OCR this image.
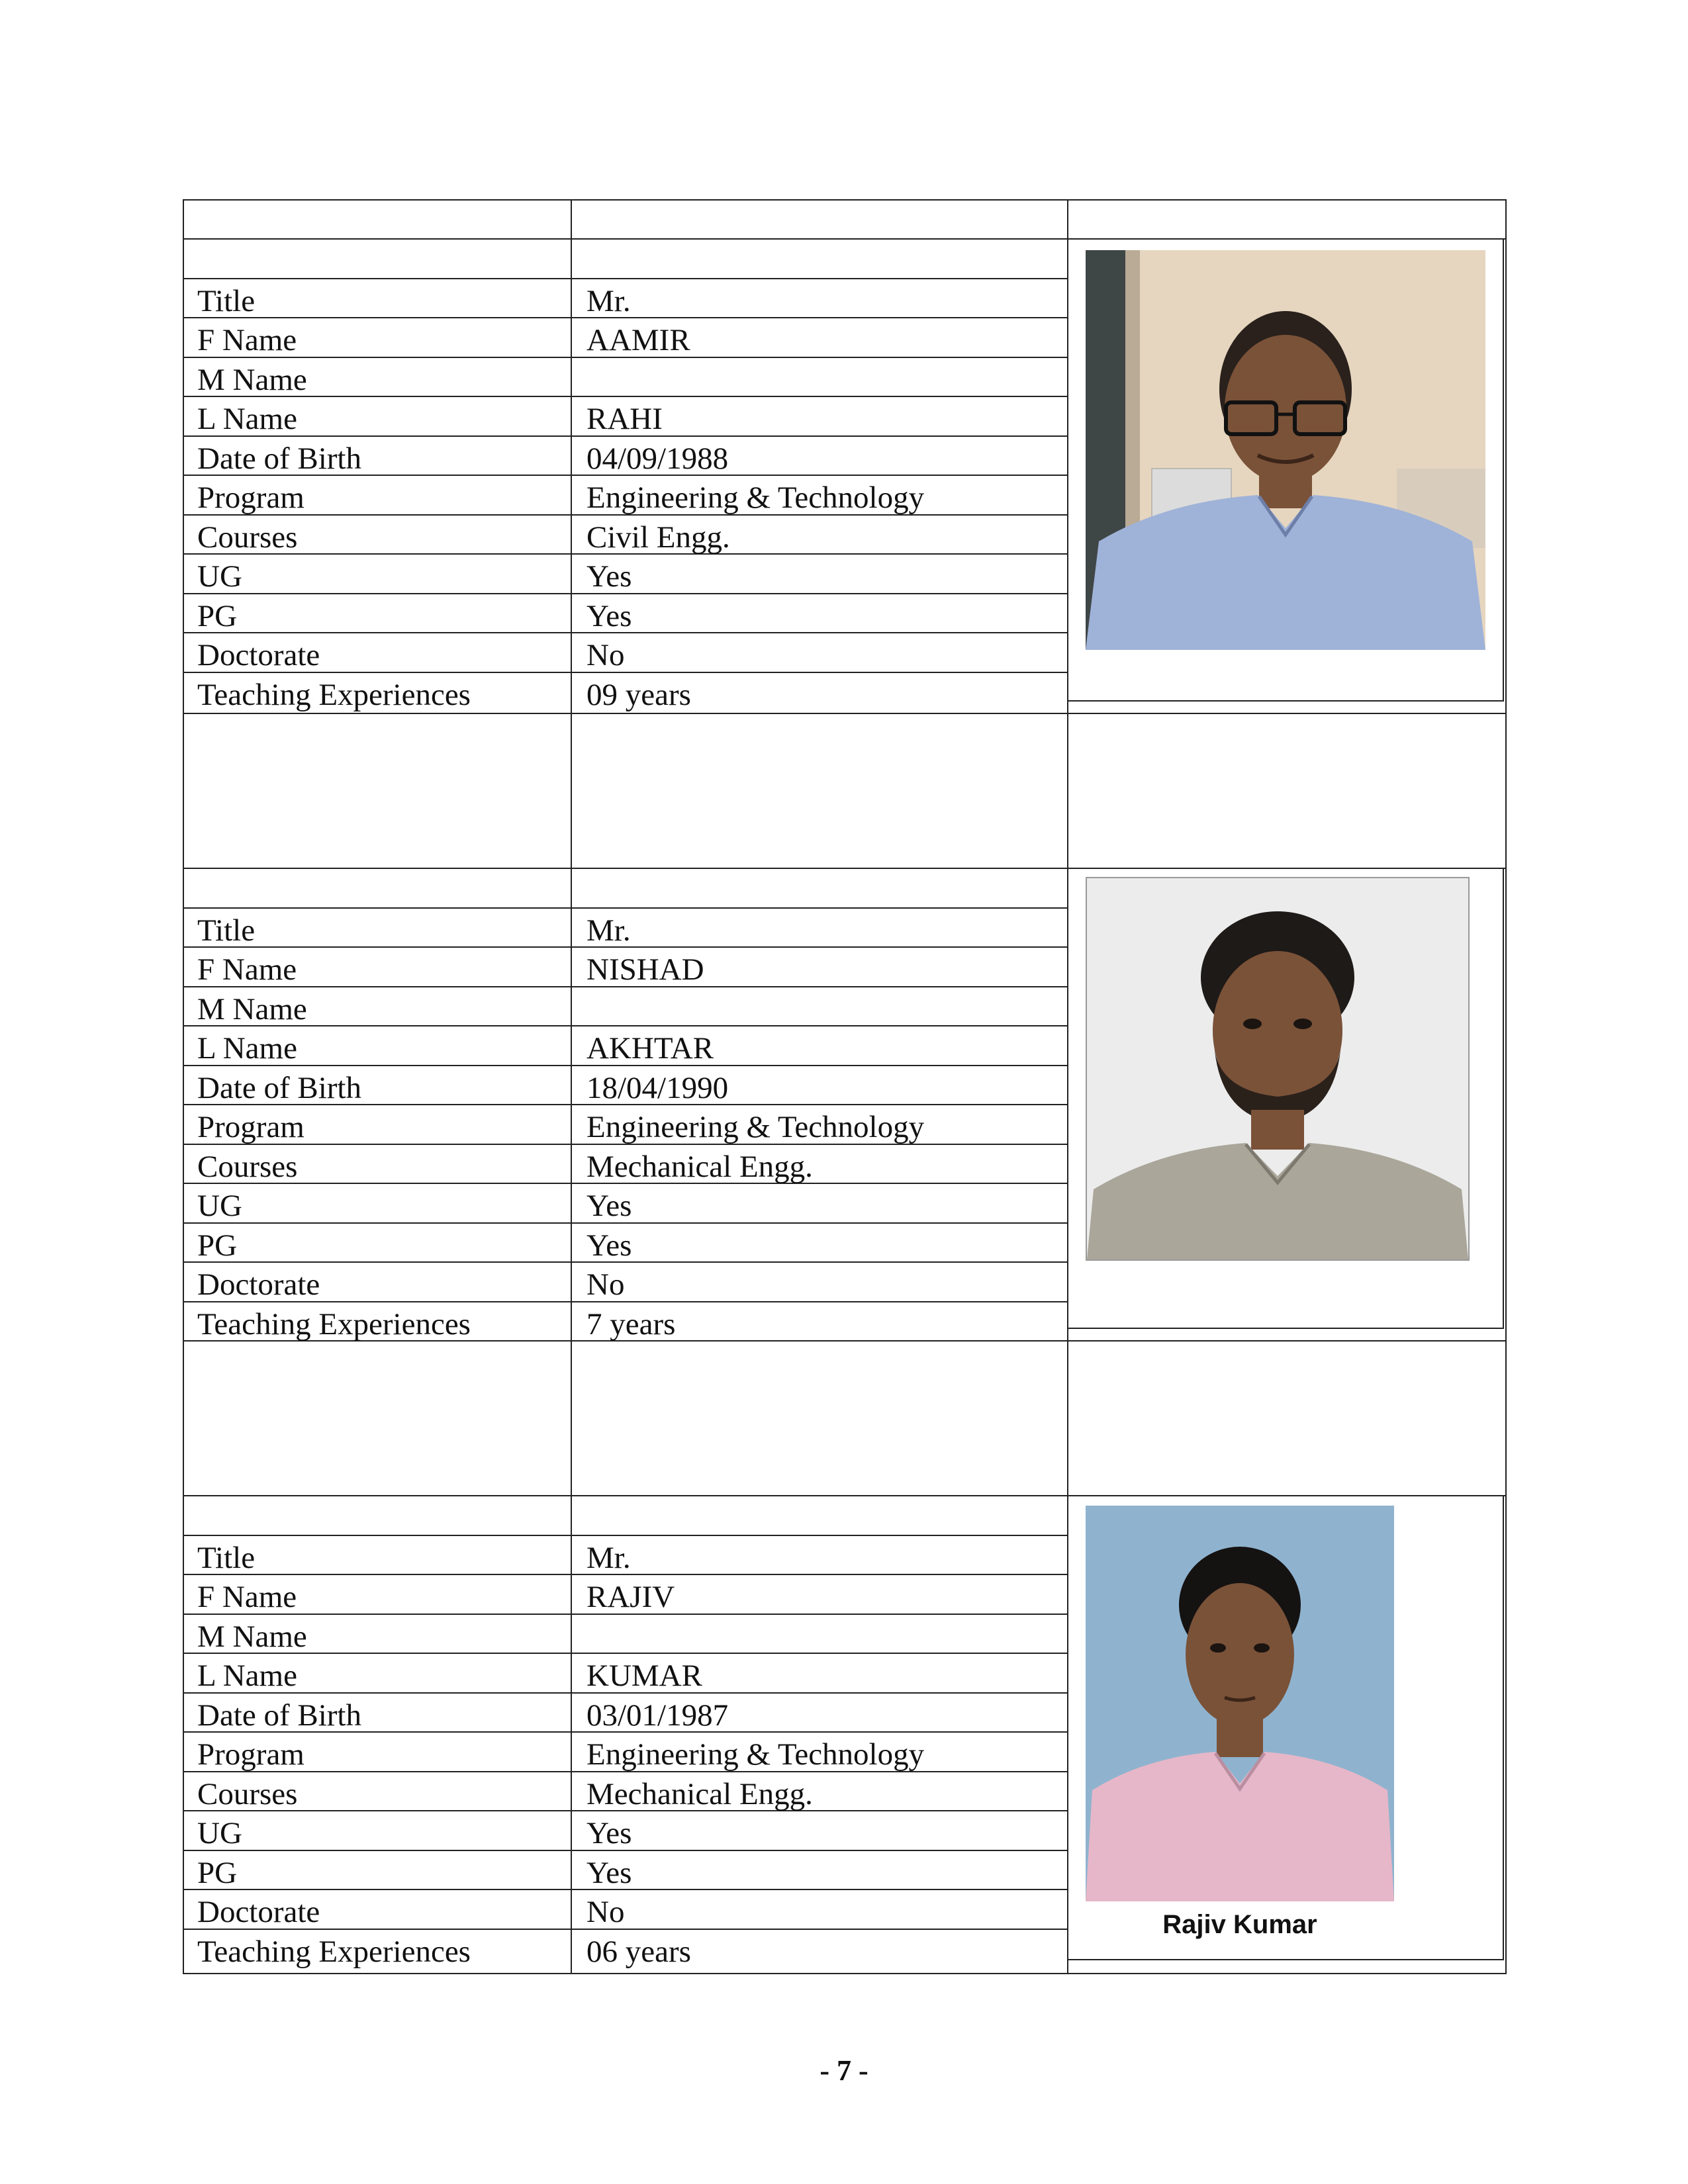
Title	Mr.
F Name	AAMIR
M Name
L Name	RAHI
Date of Birth	04/09/1988
Program	Engineering & Technology
Courses	Civil Engg.
UG	Yes
PG	Yes
Doctorate	No
Teaching Experiences	09 years
Title	Mr.
F Name	NISHAD
M Name
L Name	AKHTAR
Date of Birth	18/04/1990
Program	Engineering & Technology
Courses	Mechanical Engg.
UG	Yes
PG	Yes
Doctorate	No
Teaching Experiences	7 years
Title	Mr.
F Name	RAJIV
M Name
L Name	KUMAR
Date of Birth	03/01/1987
Program	Engineering & Technology
Courses	Mechanical Engg.
UG	Yes
PG	Yes
Doctorate	No
Teaching Experiences	06 years
Rajiv Kumar
- 7 -
